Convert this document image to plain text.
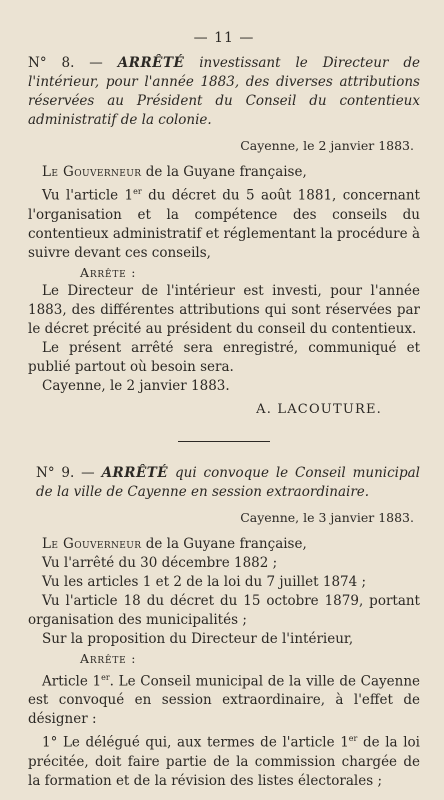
— 11 —
N° 8. — ARRÊTÉ investissant le Directeur de l'intérieur, pour l'année 1883, des diverses attributions réservées au Président du Conseil du contentieux administratif de la colonie.
Cayenne, le 2 janvier 1883.

Le Gouverneur de la Guyane française,

Vu l'article 1er du décret du 5 août 1881, concernant l'organisation et la compétence des conseils du contentieux administratif et réglementant la procédure à suivre devant ces conseils,

Arrête :

Le Directeur de l'intérieur est investi, pour l'année 1883, des différentes attributions qui sont réservées par le décret précité au président du conseil du contentieux.

Le présent arrêté sera enregistré, communiqué et publié partout où besoin sera.

Cayenne, le 2 janvier 1883.

A. LACOUTURE.
N° 9. — ARRÊTÉ qui convoque le Conseil municipal de la ville de Cayenne en session extraordinaire.
Cayenne, le 3 janvier 1883.

Le Gouverneur de la Guyane française,

Vu l'arrêté du 30 décembre 1882 ;

Vu les articles 1 et 2 de la loi du 7 juillet 1874 ;

Vu l'article 18 du décret du 15 octobre 1879, portant organisation des municipalités ;

Sur la proposition du Directeur de l'intérieur,

Arrête :

Article 1er. Le Conseil municipal de la ville de Cayenne est convoqué en session extraordinaire, à l'effet de désigner :

1° Le délégué qui, aux termes de l'article 1er de la loi précitée, doit faire partie de la commission chargée de la formation et de la révision des listes électorales ;
